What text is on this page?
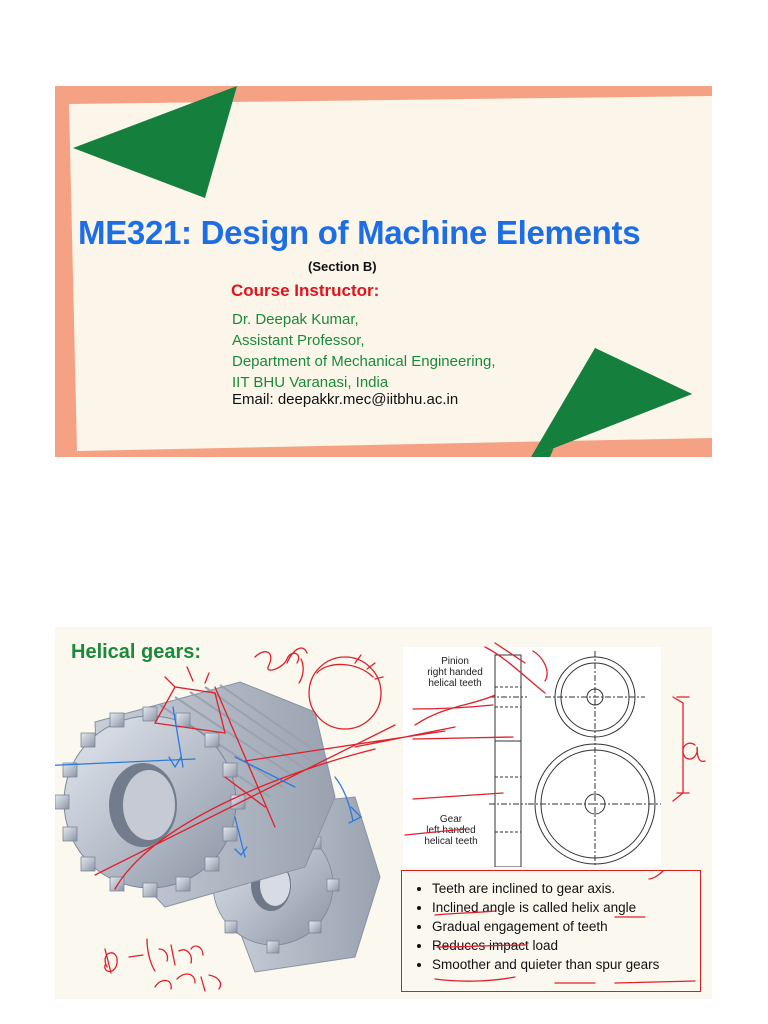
ME321: Design of Machine Elements
(Section B)
Course Instructor:
Dr. Deepak Kumar,
Assistant Professor,
Department of Mechanical Engineering,
IIT BHU Varanasi, India
Email: deepakkr.mec@iitbhu.ac.in
Helical gears:	Pinion
right handed
helical teeth
Gear
left handed
helical teeth
• Teeth are inclined to gear axis.
• Inclined angle is called helix angle
• Gradual engagement of teeth
• Reduces impact load
• Smoother and quieter than spur gears
